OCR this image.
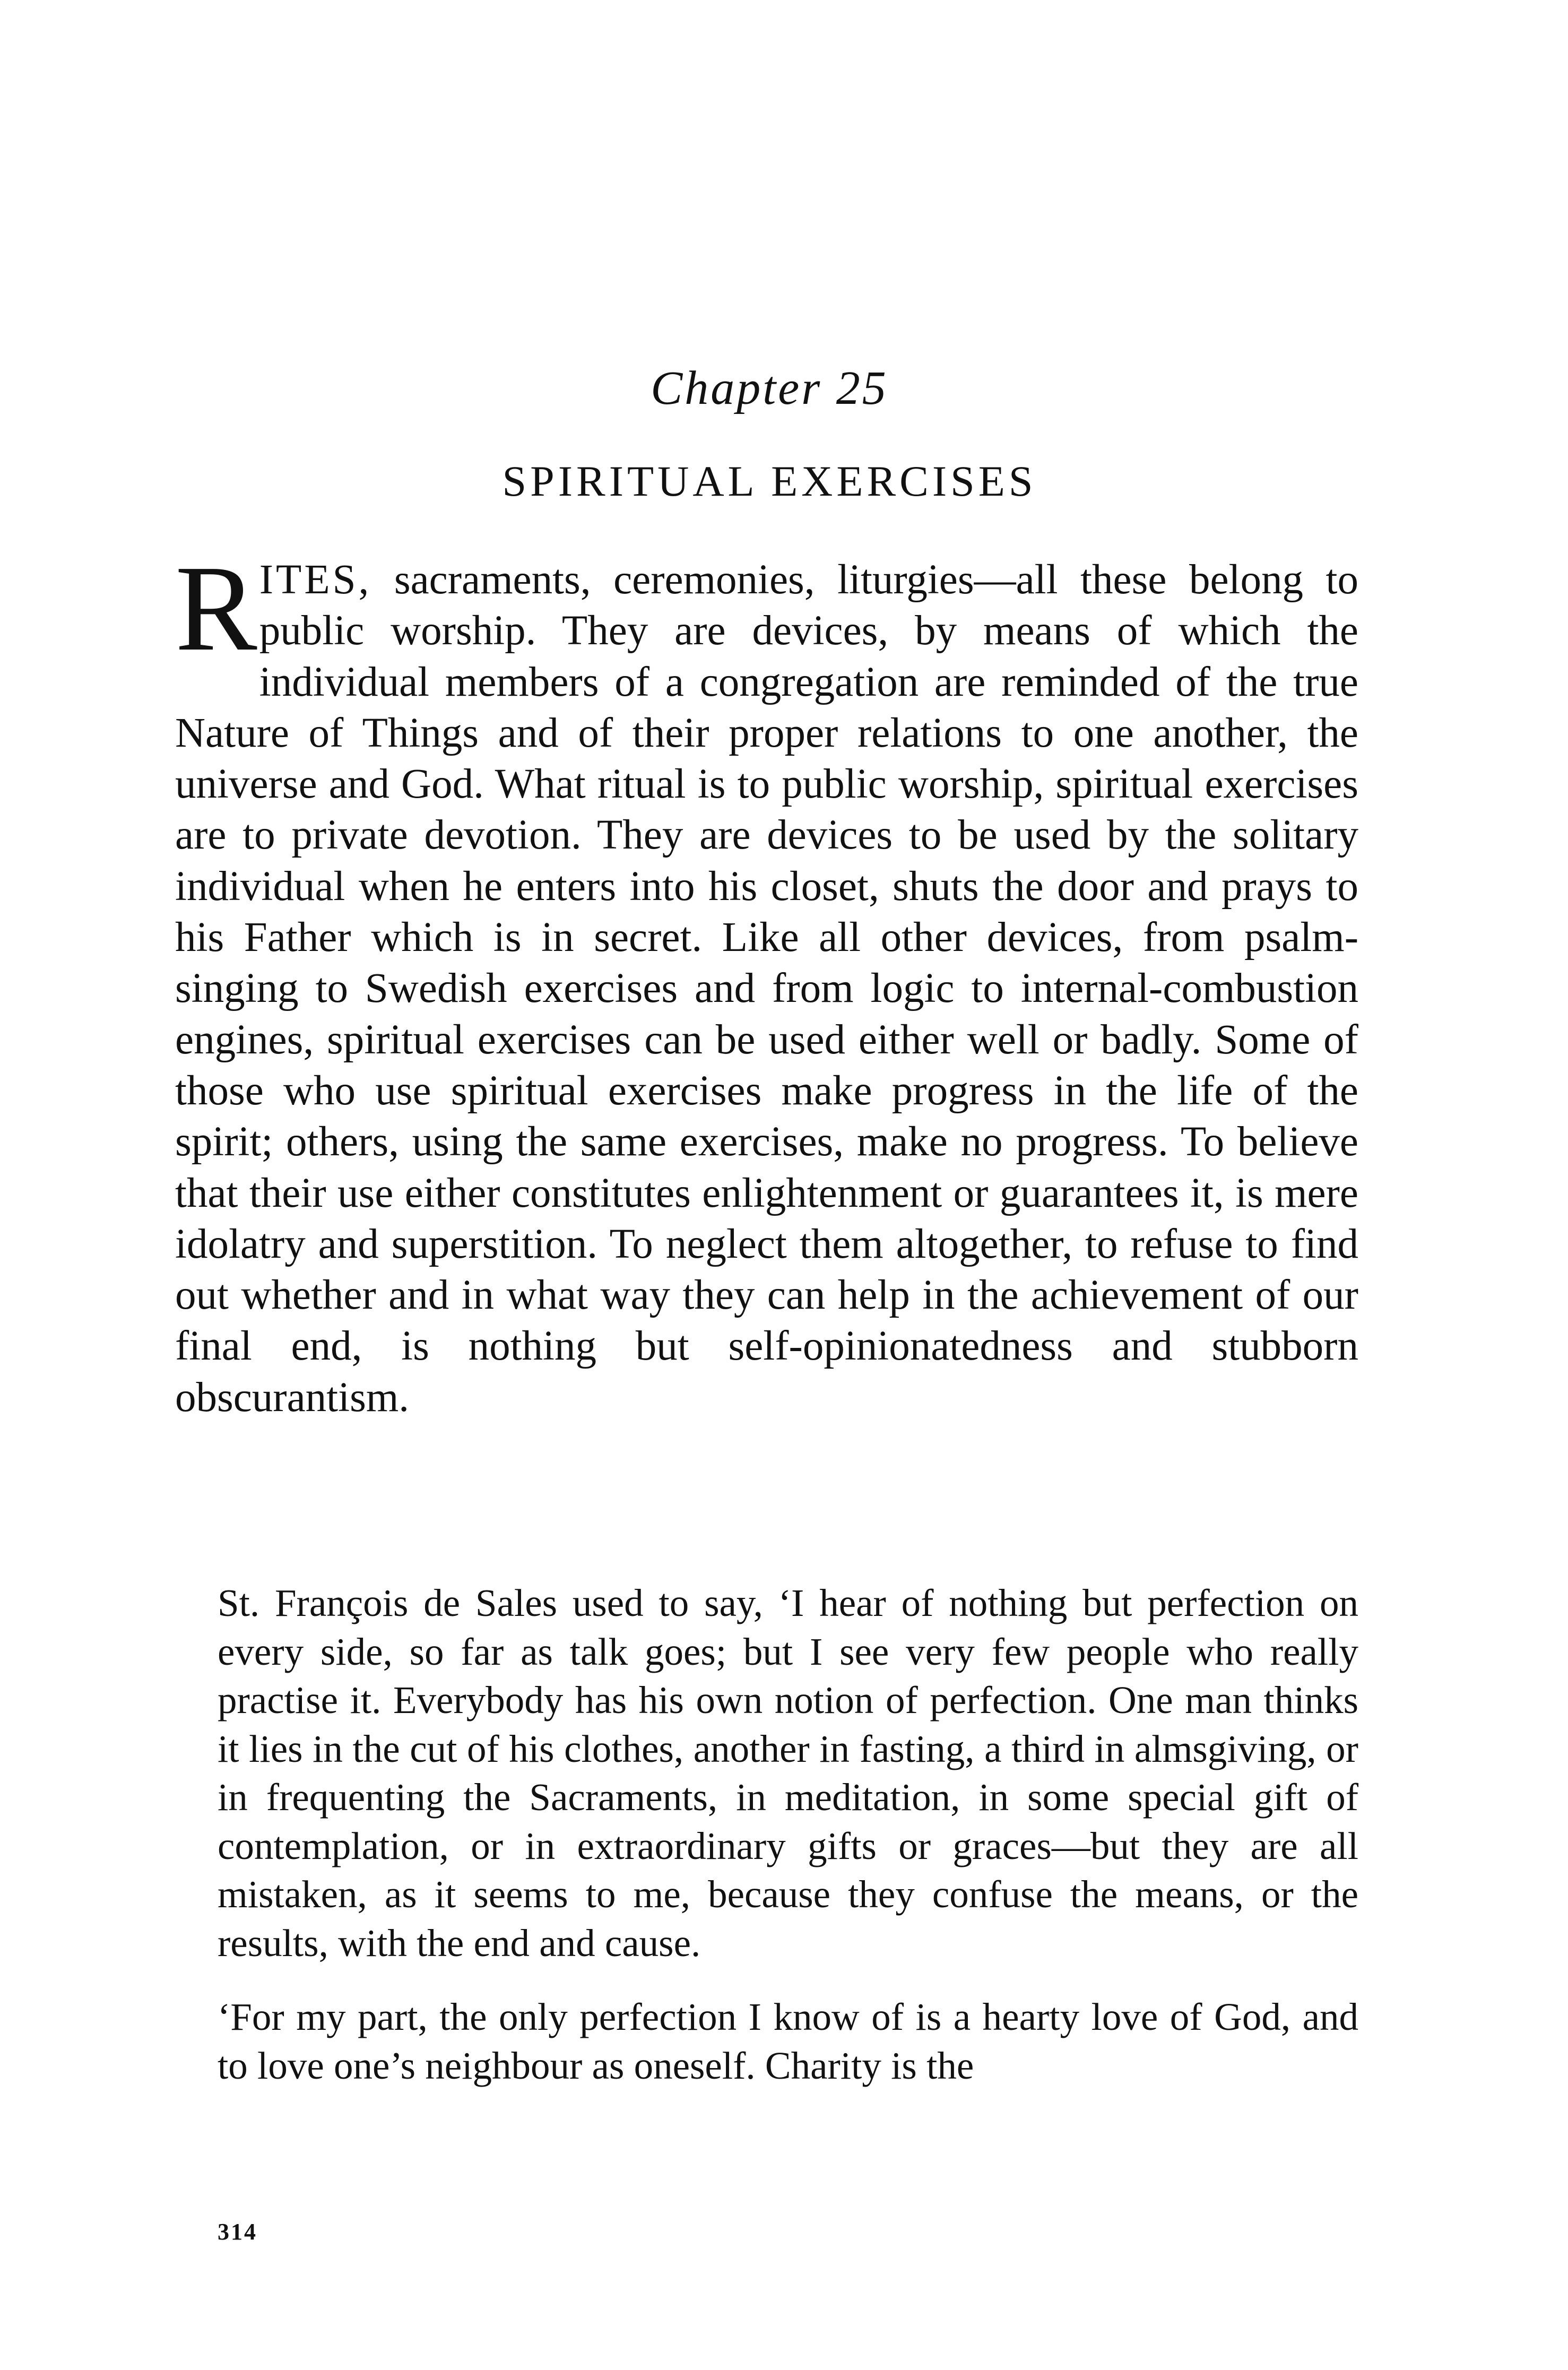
Chapter 25
SPIRITUAL EXERCISES

RITES, sacraments, ceremonies, liturgies—all these belong to public worship. They are devices, by means of which the individual members of a congregation are reminded of the true Nature of Things and of their proper relations to one another, the universe and God. What ritual is to public worship, spiritual exercises are to private devotion. They are devices to be used by the solitary individual when he enters into his closet, shuts the door and prays to his Father which is in secret. Like all other devices, from psalm-singing to Swedish exercises and from logic to internal-combustion engines, spiritual exercises can be used either well or badly. Some of those who use spiritual exercises make progress in the life of the spirit; others, using the same exercises, make no progress. To believe that their use either constitutes enlightenment or guarantees it, is mere idolatry and superstition. To neglect them altogether, to refuse to find out whether and in what way they can help in the achievement of our final end, is nothing but self-opinionatedness and stubborn obscurantism.

St. François de Sales used to say, ‘I hear of nothing but perfection on every side, so far as talk goes; but I see very few people who really practise it. Everybody has his own notion of perfection. One man thinks it lies in the cut of his clothes, another in fasting, a third in almsgiving, or in frequenting the Sacraments, in meditation, in some special gift of contemplation, or in extraordinary gifts or graces—but they are all mistaken, as it seems to me, because they confuse the means, or the results, with the end and cause.

‘For my part, the only perfection I know of is a hearty love of God, and to love one’s neighbour as oneself. Charity is the

314
